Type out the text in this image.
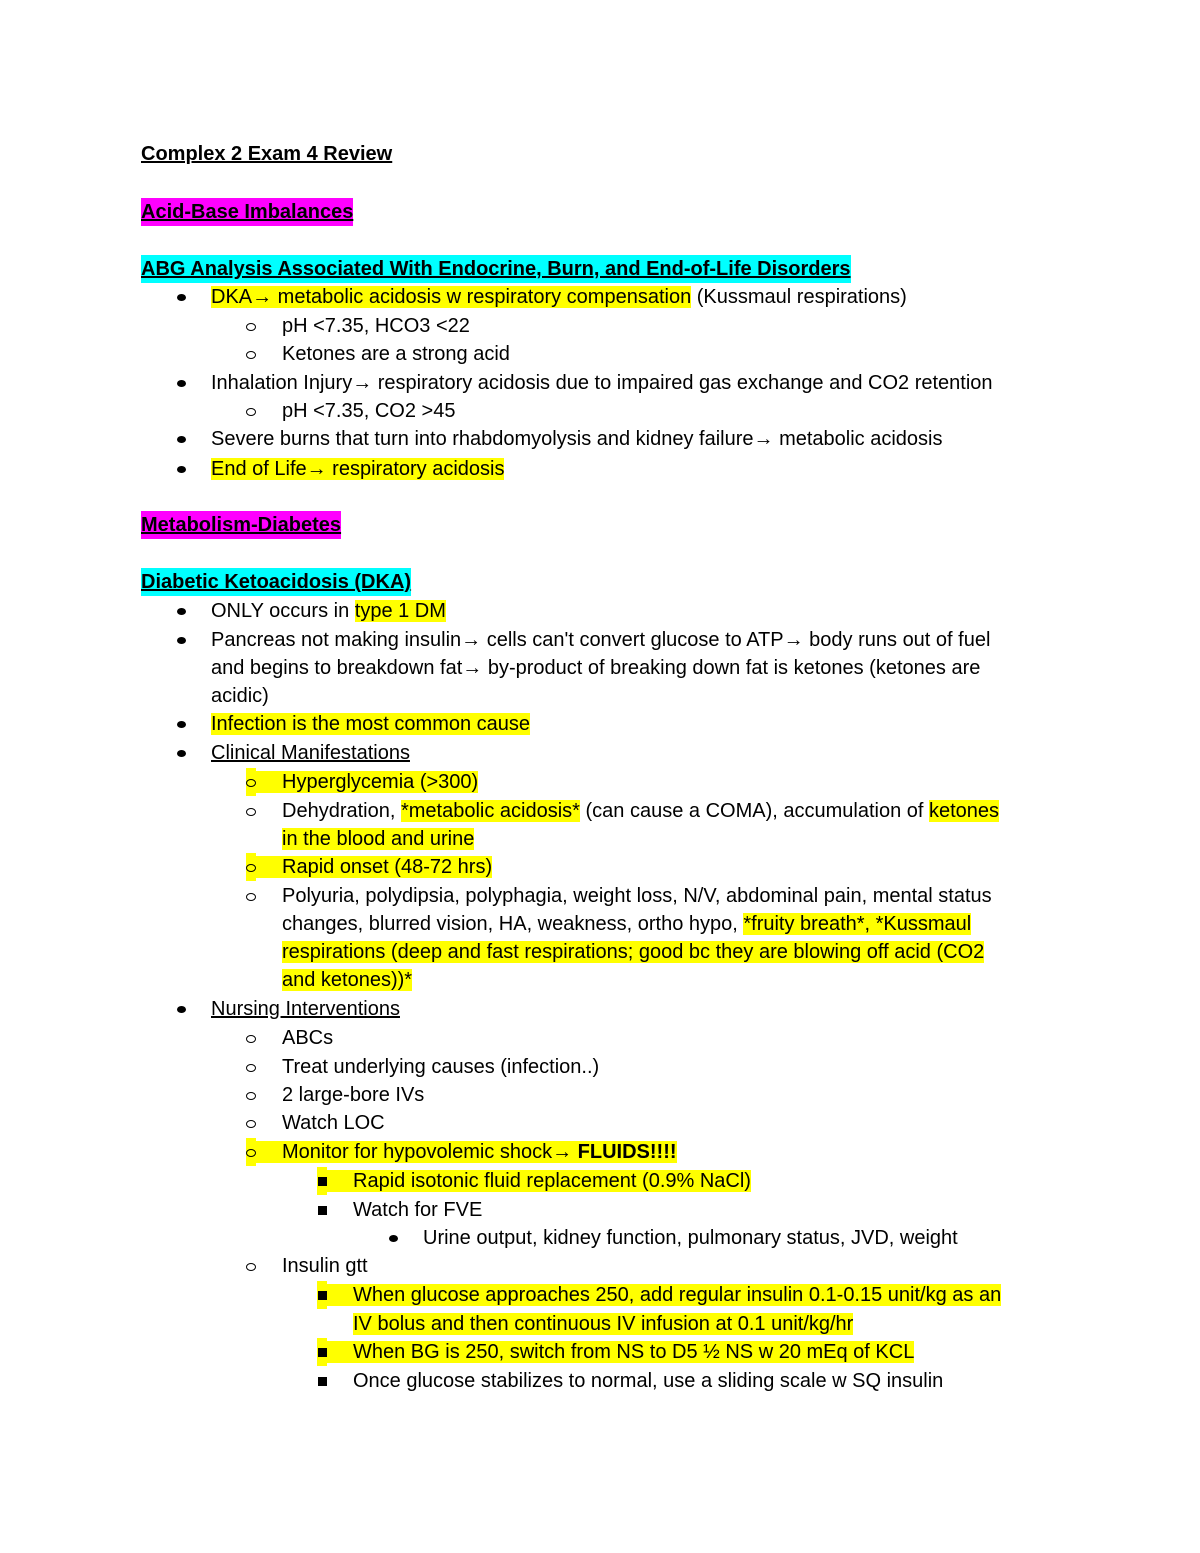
Complex 2 Exam 4 Review
Acid-Base Imbalances
ABG Analysis Associated With Endocrine, Burn, and End-of-Life Disorders
DKA→ metabolic acidosis w respiratory compensation (Kussmaul respirations)
pH <7.35, HCO3 <22
Ketones are a strong acid
Inhalation Injury→ respiratory acidosis due to impaired gas exchange and CO2 retention
pH <7.35, CO2 >45
Severe burns that turn into rhabdomyolysis and kidney failure→ metabolic acidosis
End of Life→ respiratory acidosis
Metabolism-Diabetes
Diabetic Ketoacidosis (DKA)
ONLY occurs in type 1 DM
Pancreas not making insulin→ cells can't convert glucose to ATP→ body runs out of fuel
and begins to breakdown fat→ by-product of breaking down fat is ketones (ketones are
acidic)
Infection is the most common cause
Clinical Manifestations
Hyperglycemia (>300)
Dehydration, *metabolic acidosis* (can cause a COMA), accumulation of ketones
in the blood and urine
Rapid onset (48-72 hrs)
Polyuria, polydipsia, polyphagia, weight loss, N/V, abdominal pain, mental status
changes, blurred vision, HA, weakness, ortho hypo, *fruity breath*, *Kussmaul
respirations (deep and fast respirations; good bc they are blowing off acid (CO2
and ketones))*
Nursing Interventions
ABCs
Treat underlying causes (infection..)
2 large-bore IVs
Watch LOC
Monitor for hypovolemic shock→ FLUIDS!!!!
Rapid isotonic fluid replacement (0.9% NaCl)
Watch for FVE
Urine output, kidney function, pulmonary status, JVD, weight
Insulin gtt
When glucose approaches 250, add regular insulin 0.1-0.15 unit/kg as an
IV bolus and then continuous IV infusion at 0.1 unit/kg/hr
When BG is 250, switch from NS to D5 ½ NS w 20 mEq of KCL
Once glucose stabilizes to normal, use a sliding scale w SQ insulin
